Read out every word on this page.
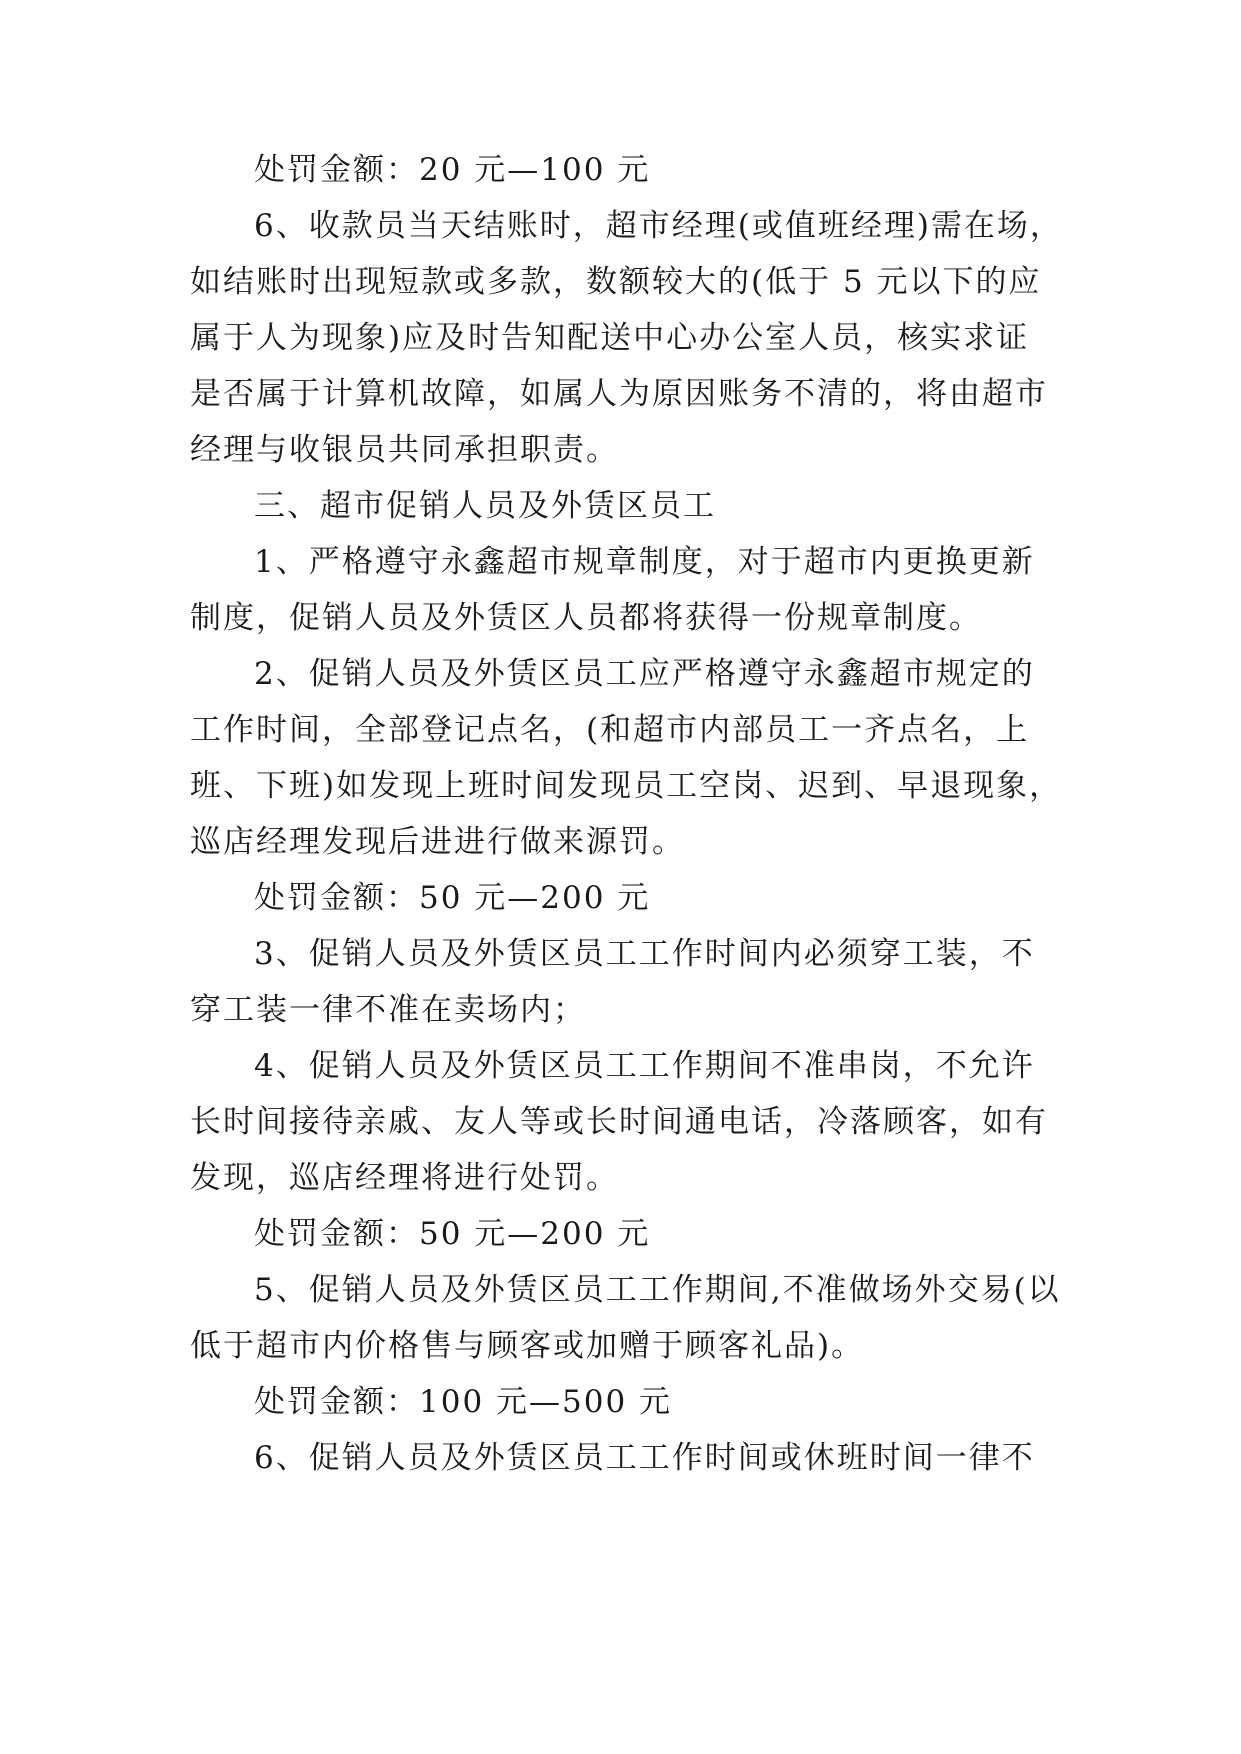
处罚金额：20 元—100 元
6、收款员当天结账时，超市经理(或值班经理)需在场，
如结账时出现短款或多款，数额较大的(低于 5 元以下的应
属于人为现象)应及时告知配送中心办公室人员，核实求证
是否属于计算机故障，如属人为原因账务不清的，将由超市
经理与收银员共同承担职责。
三、超市促销人员及外赁区员工
1、严格遵守永鑫超市规章制度，对于超市内更换更新
制度，促销人员及外赁区人员都将获得一份规章制度。
2、促销人员及外赁区员工应严格遵守永鑫超市规定的
工作时间，全部登记点名，(和超市内部员工一齐点名，上
班、下班)如发现上班时间发现员工空岗、迟到、早退现象，
巡店经理发现后进进行做来源罚。
处罚金额：50 元—200 元
3、促销人员及外赁区员工工作时间内必须穿工装，不
穿工装一律不准在卖场内；
4、促销人员及外赁区员工工作期间不准串岗，不允许
长时间接待亲戚、友人等或长时间通电话，冷落顾客，如有
发现，巡店经理将进行处罚。
处罚金额：50 元—200 元
5、促销人员及外赁区员工工作期间,不准做场外交易(以
低于超市内价格售与顾客或加赠于顾客礼品)。
处罚金额：100 元—500 元
6、促销人员及外赁区员工工作时间或休班时间一律不
